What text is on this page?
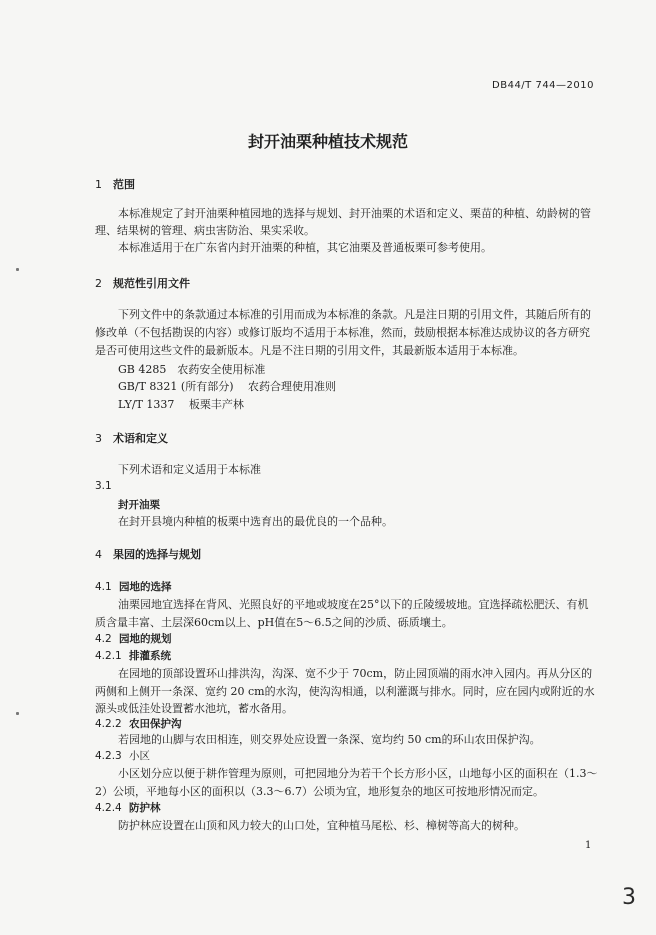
DB44/T 744—2010
封开油栗种植技术规范
1 范围
本标准规定了封开油栗种植园地的选择与规划、封开油栗的术语和定义、栗苗的种植、幼龄树的管
理、结果树的管理、病虫害防治、果实采收。
本标准适用于在广东省内封开油栗的种植，其它油栗及普通板栗可参考使用。
2 规范性引用文件
下列文件中的条款通过本标准的引用而成为本标准的条款。凡是注日期的引用文件，其随后所有的
修改单（不包括勘误的内容）或修订版均不适用于本标准，然而，鼓励根据本标准达成协议的各方研究
是否可使用这些文件的最新版本。凡是不注日期的引用文件，其最新版本适用于本标准。
GB 4285　农药安全使用标准
GB/T 8321 (所有部分)　 农药合理使用准则
LY/T 1337　 板栗丰产林
3 术语和定义
下列术语和定义适用于本标准
3.1
封开油栗
在封开县境内种植的板栗中选育出的最优良的一个品种。
4 果园的选择与规划
4.1 园地的选择
油栗园地宜选择在背风、光照良好的平地或坡度在25°以下的丘陵缓坡地。宜选择疏松肥沃、有机
质含量丰富、土层深60cm以上、pH值在5～6.5之间的沙质、砾质壤土。
4.2 园地的规划
4.2.1 排灌系统
在园地的顶部设置环山排洪沟，沟深、宽不少于 70cm，防止园顶端的雨水冲入园内。再从分区的
两侧和上侧开一条深、宽约 20 cm的水沟，使沟沟相通，以利灌溉与排水。同时，应在园内或附近的水
源头或低洼处设置蓄水池坑，蓄水备用。
4.2.2 农田保护沟
若园地的山脚与农田相连，则交界处应设置一条深、宽均约 50 cm的环山农田保护沟。
4.2.3 小区
小区划分应以便于耕作管理为原则，可把园地分为若干个长方形小区，山地每小区的面积在（1.3～
2）公顷，平地每小区的面积以（3.3～6.7）公顷为宜，地形复杂的地区可按地形情况而定。
4.2.4 防护林
防护林应设置在山顶和风力较大的山口处，宜种植马尾松、杉、樟树等高大的树种。
1
3
